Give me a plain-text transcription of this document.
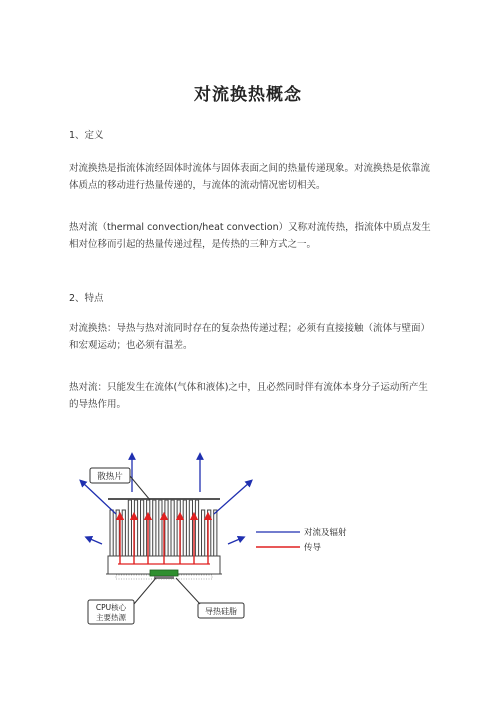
对流换热概念
1、定义
对流换热是指流体流经固体时流体与固体表面之间的热量传递现象。对流换热是依靠流体质点的移动进行热量传递的，与流体的流动情况密切相关。
热对流（thermal convection/heat convection）又称对流传热，指流体中质点发生相对位移而引起的热量传递过程，是传热的三种方式之一。
2、特点
对流换热：导热与热对流同时存在的复杂热传递过程；必须有直接接触（流体与壁面）和宏观运动；也必须有温差。
热对流：只能发生在流体(气体和液体)之中，且必然同时伴有流体本身分子运动所产生的导热作用。
散热片
CPU核心
主要热源
导热硅脂
对流及辐射
传导
